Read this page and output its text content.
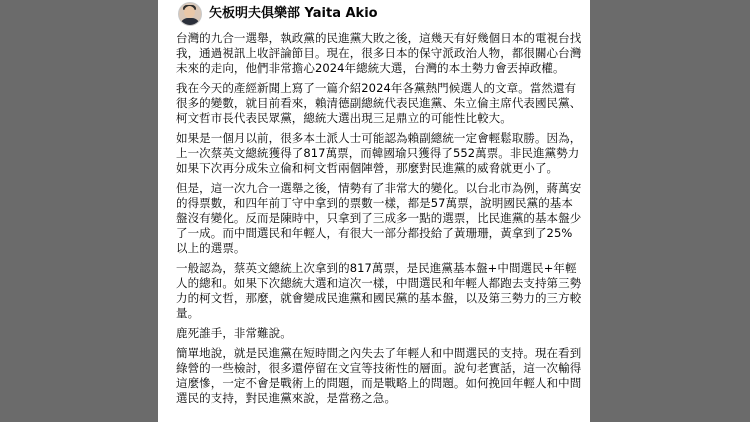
矢板明夫俱樂部 Yaita Akio

台灣的九合一選舉，執政黨的民進黨大敗之後，這幾天有好幾個日本的電視台找我，通過視訊上收評論節目。現在，很多日本的保守派政治人物，都很關心台灣未來的走向，他們非常擔心2024年總統大選，台灣的本土勢力會丟掉政權。

我在今天的產經新聞上寫了一篇介紹2024年各黨熱門候選人的文章。當然還有很多的變數，就目前看來，賴清德副總統代表民進黨、朱立倫主席代表國民黨、柯文哲市長代表民眾黨，總統大選出現三足鼎立的可能性比較大。

如果是一個月以前，很多本土派人士可能認為賴副總統一定會輕鬆取勝。因為，上一次蔡英文總統獲得了817萬票，而韓國瑜只獲得了552萬票。非民進黨勢力如果下次再分成朱立倫和柯文哲兩個陣營，那麼對民進黨的威脅就更小了。

但是，這一次九合一選舉之後，情勢有了非常大的變化。以台北市為例，蔣萬安的得票數，和四年前丁守中拿到的票數一樣，都是57萬票，說明國民黨的基本盤沒有變化。反而是陳時中，只拿到了三成多一點的選票，比民進黨的基本盤少了一成。而中間選民和年輕人，有很大一部分都投給了黃珊珊，黃拿到了25%以上的選票。

一般認為，蔡英文總統上次拿到的817萬票，是民進黨基本盤+中間選民+年輕人的總和。如果下次總統大選和這次一樣，中間選民和年輕人都跑去支持第三勢力的柯文哲，那麼，就會變成民進黨和國民黨的基本盤，以及第三勢力的三方較量。

鹿死誰手，非常難說。

簡單地說，就是民進黨在短時間之內失去了年輕人和中間選民的支持。現在看到綠營的一些檢討，很多還停留在文宣等技術性的層面。說句老實話，這一次輸得這麼慘，一定不會是戰術上的問題，而是戰略上的問題。如何挽回年輕人和中間選民的支持，對民進黨來說，是當務之急。
